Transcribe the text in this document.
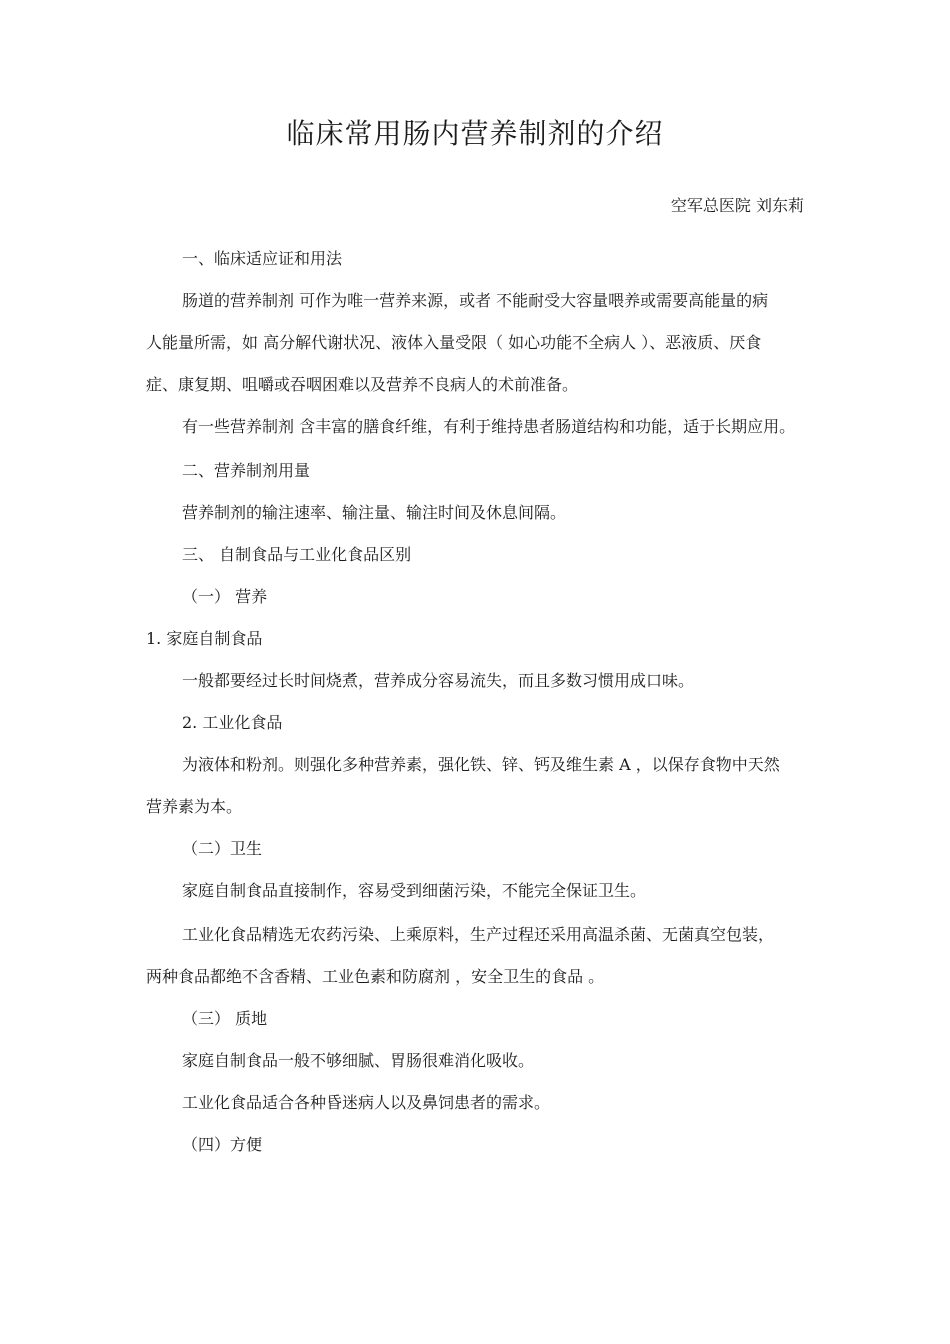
临床常用肠内营养制剂的介绍

空军总医院 刘东莉

一、临床适应证和用法

肠道的营养制剂 可作为唯一营养来源，或者 不能耐受大容量喂养或需要高能量的病

人能量所需，如 高分解代谢状况、液体入量受限（ 如心功能不全病人 ）、恶液质、厌食

症、康复期、咀嚼或吞咽困难以及营养不良病人的术前准备。

有一些营养制剂 含丰富的膳食纤维，有利于维持患者肠道结构和功能，适于长期应用。

二、营养制剂用量

营养制剂的输注速率、输注量、输注时间及休息间隔。

三、 自制食品与工业化食品区别

（一） 营养

1. 家庭自制食品

一般都要经过长时间烧煮，营养成分容易流失，而且多数习惯用成口味。

2. 工业化食品

为液体和粉剂。则强化多种营养素，强化铁、锌、钙及维生素 A ，以保存食物中天然

营养素为本。

（二）卫生

家庭自制食品直接制作，容易受到细菌污染，不能完全保证卫生。

工业化食品精选无农药污染、上乘原料，生产过程还采用高温杀菌、无菌真空包装，

两种食品都绝不含香精、工业色素和防腐剂 ，安全卫生的食品 。

（三） 质地

家庭自制食品一般不够细腻、胃肠很难消化吸收。

工业化食品适合各种昏迷病人以及鼻饲患者的需求。

（四）方便
